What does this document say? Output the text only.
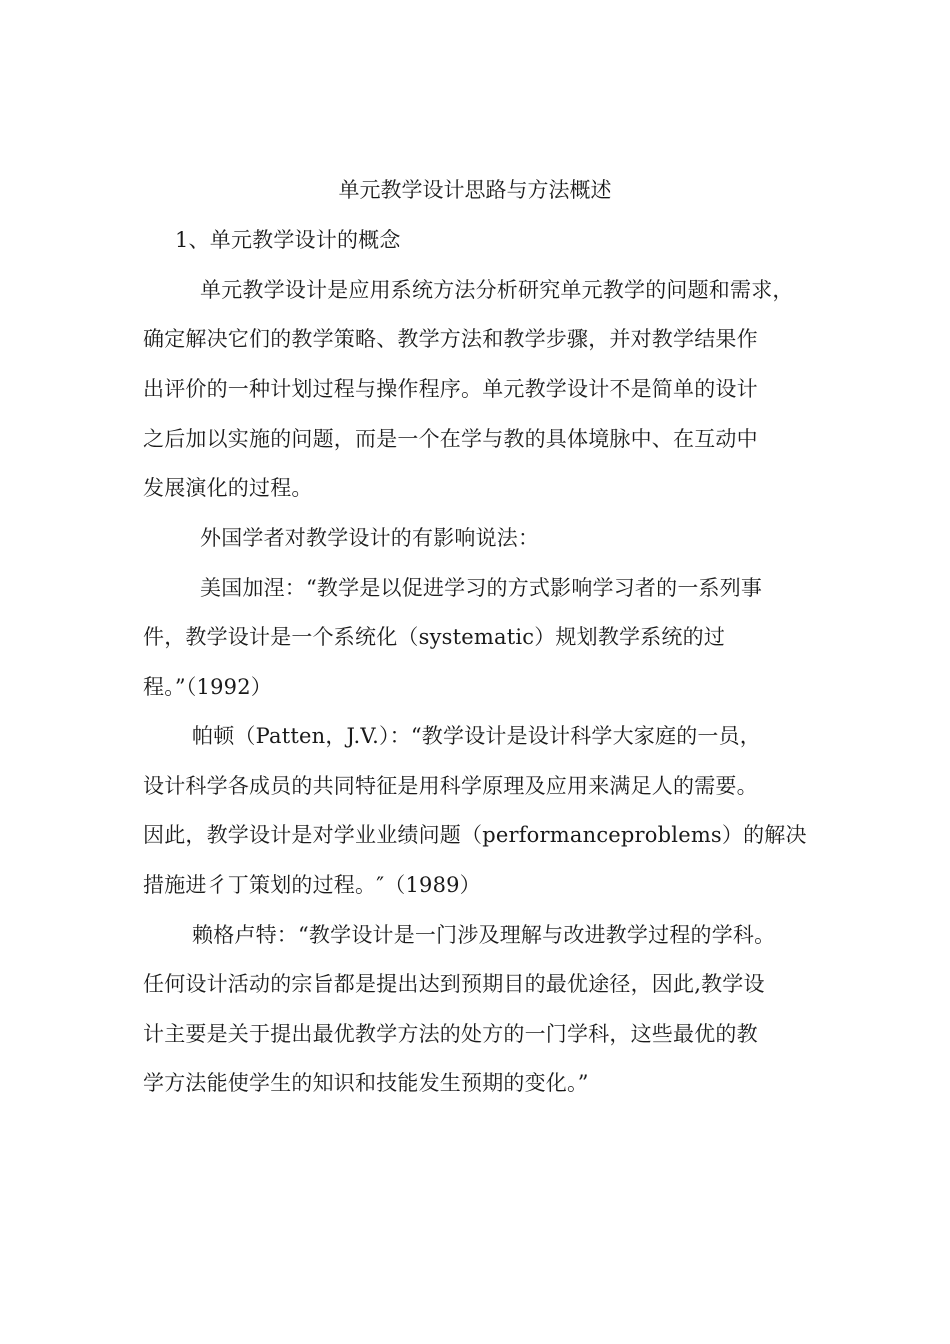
单元教学设计思路与方法概述
1、单元教学设计的概念
单元教学设计是应用系统方法分析研究单元教学的问题和需求，
确定解决它们的教学策略、教学方法和教学步骤，并对教学结果作
出评价的一种计划过程与操作程序。单元教学设计不是简单的设计
之后加以实施的问题，而是一个在学与教的具体境脉中、在互动中
发展演化的过程。
外国学者对教学设计的有影响说法：
美国加涅：“教学是以促进学习的方式影响学习者的一系列事
件，教学设计是一个系统化（systematic）规划教学系统的过
程。”（1992）
帕顿（Patten，J.V.）：“教学设计是设计科学大家庭的一员，
设计科学各成员的共同特征是用科学原理及应用来满足人的需要。
因此，教学设计是对学业业绩问题（performanceproblems）的解决
措施进彳丁策划的过程。″（1989）
赖格卢特：“教学设计是一门涉及理解与改进教学过程的学科。
任何设计活动的宗旨都是提出达到预期目的最优途径，因此,教学设
计主要是关于提出最优教学方法的处方的一门学科，这些最优的教
学方法能使学生的知识和技能发生预期的变化。”
